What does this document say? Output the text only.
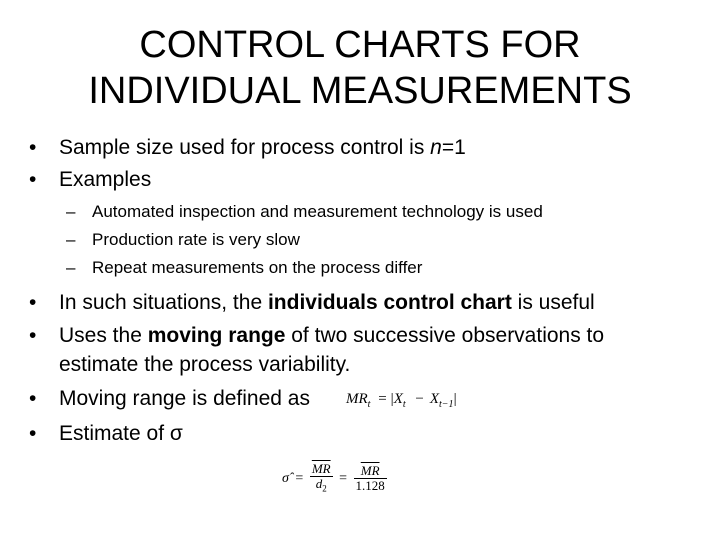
CONTROL CHARTS FOR
INDIVIDUAL MEASUREMENTS
• Sample size used for process control is n=1
• Examples
– Automated inspection and measurement technology is used
– Production rate is very slow
– Repeat measurements on the process differ
• In such situations, the individuals control chart is useful
• Uses the moving range of two successive observations to
estimate the process variability.
• Moving range is defined as $MR_t = |X_t - X_{t-1}|$
• Estimate of σ
σ̂ = $\frac{\overline{MR}}{d_2} = \frac{\overline{MR}}{1.128}$
